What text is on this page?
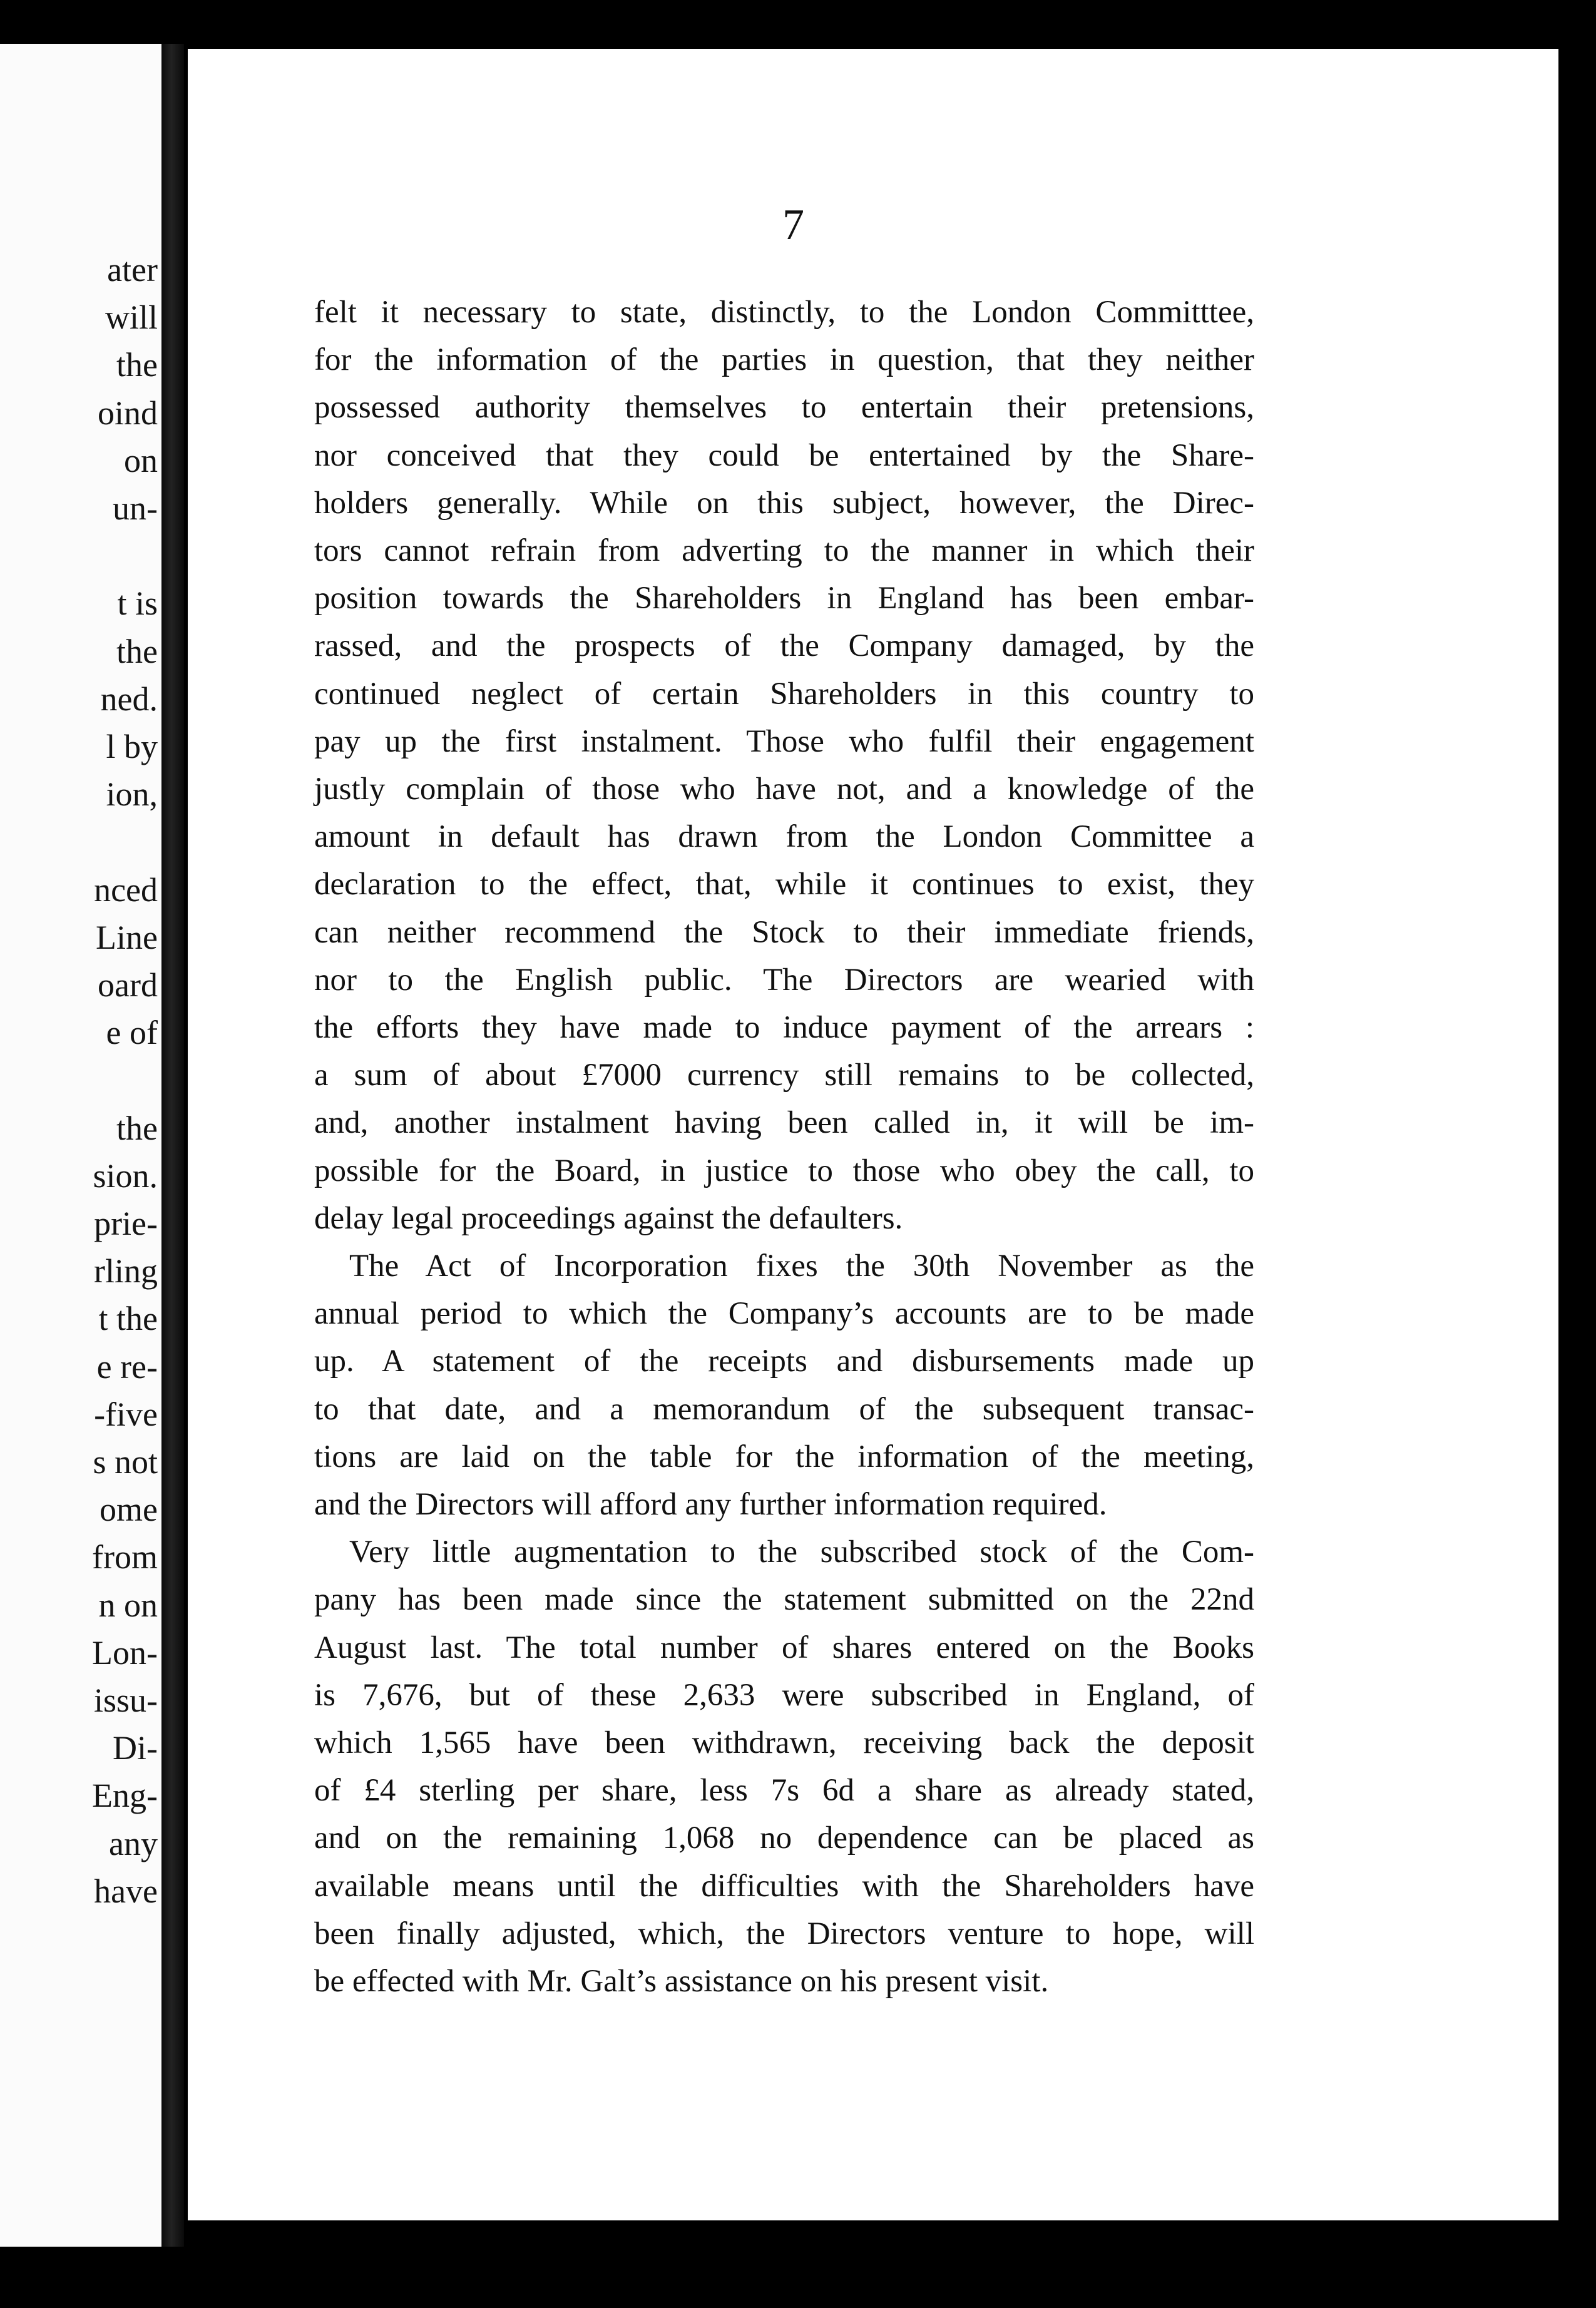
ater
will
the
oind
on
un-
t is
the
ned.
l by
ion,
nced
Line
oard
e of
the
sion.
prie-
rling
t the
e re-
-five
s not
ome
from
n on
Lon-
issu-
Di-
Eng-
any
have
7
felt it necessary to state, distinctly, to the London Committtee,
for the information of the parties in question, that they neither
possessed authority themselves to entertain their pretensions,
nor conceived that they could be entertained by the Share-
holders generally. While on this subject, however, the Direc-
tors cannot refrain from adverting to the manner in which their
position towards the Shareholders in England has been embar-
rassed, and the prospects of the Company damaged, by the
continued neglect of certain Shareholders in this country to
pay up the first instalment. Those who fulfil their engagement
justly complain of those who have not, and a knowledge of the
amount in default has drawn from the London Committee a
declaration to the effect, that, while it continues to exist, they
can neither recommend the Stock to their immediate friends,
nor to the English public. The Directors are wearied with
the efforts they have made to induce payment of the arrears :
a sum of about £7000 currency still remains to be collected,
and, another instalment having been called in, it will be im-
possible for the Board, in justice to those who obey the call, to
delay legal proceedings against the defaulters.
The Act of Incorporation fixes the 30th November as the
annual period to which the Company’s accounts are to be made
up. A statement of the receipts and disbursements made up
to that date, and a memorandum of the subsequent transac-
tions are laid on the table for the information of the meeting,
and the Directors will afford any further information required.
Very little augmentation to the subscribed stock of the Com-
pany has been made since the statement submitted on the 22nd
August last. The total number of shares entered on the Books
is 7,676, but of these 2,633 were subscribed in England, of
which 1,565 have been withdrawn, receiving back the deposit
of £4 sterling per share, less 7s 6d a share as already stated,
and on the remaining 1,068 no dependence can be placed as
available means until the difficulties with the Shareholders have
been finally adjusted, which, the Directors venture to hope, will
be effected with Mr. Galt’s assistance on his present visit.
